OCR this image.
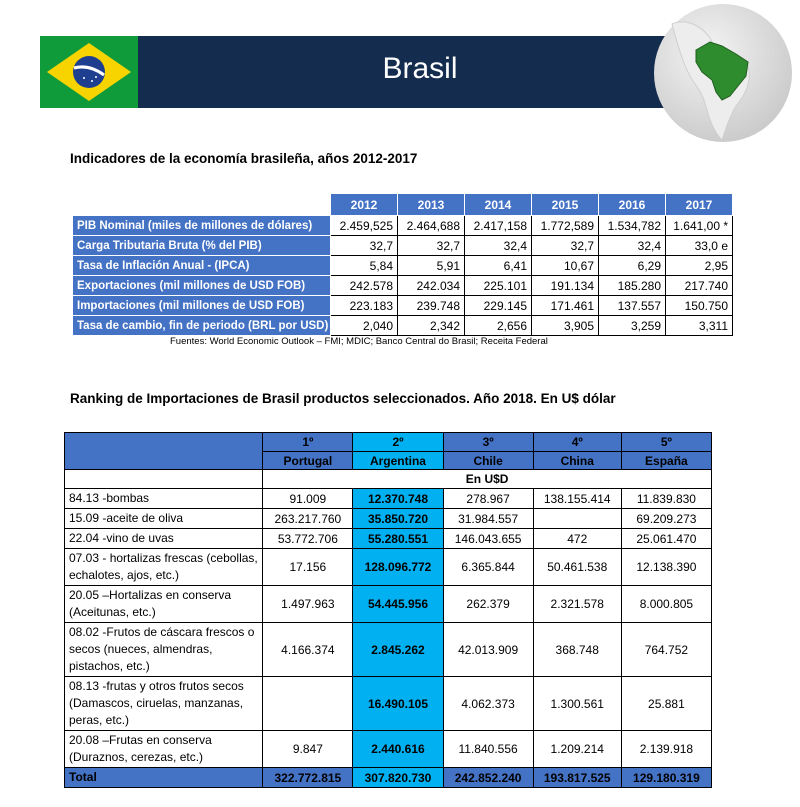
Brasil
Indicadores de la economía brasileña, años 2012-2017
	2012	2013	2014	2015	2016	2017
PIB Nominal (miles de millones de dólares)	2.459,525	2.464,688	2.417,158	1.772,589	1.534,782	1.641,00 *
Carga Tributaria Bruta (% del PIB)	32,7	32,7	32,4	32,7	32,4	33,0 e
Tasa de Inflación Anual - (IPCA)	5,84	5,91	6,41	10,67	6,29	2,95
Exportaciones (mil millones de USD FOB)	242.578	242.034	225.101	191.134	185.280	217.740
Importaciones (mil millones de USD FOB)	223.183	239.748	229.145	171.461	137.557	150.750
Tasa de cambio, fin de periodo (BRL por USD)	2,040	2,342	2,656	3,905	3,259	3,311
Fuentes: World Economic Outlook – FMI; MDIC; Banco Central do Brasil; Receita Federal
Ranking de Importaciones de Brasil productos seleccionados. Año 2018. En U$ dólar
	1º	2º	3º	4º	5º
	Portugal	Argentina	Chile	China	España
	En U$D				
84.13 -bombas	91.009	12.370.748	278.967	138.155.414	11.839.830
15.09 -aceite de oliva	263.217.760	35.850.720	31.984.557		69.209.273
22.04 -vino de uvas	53.772.706	55.280.551	146.043.655	472	25.061.470
07.03 - hortalizas frescas (cebollas, echalotes, ajos, etc.)	17.156	128.096.772	6.365.844	50.461.538	12.138.390
20.05 –Hortalizas en conserva (Aceitunas, etc.)	1.497.963	54.445.956	262.379	2.321.578	8.000.805
08.02 -Frutos de cáscara frescos o secos (nueces, almendras, pistachos, etc.)	4.166.374	2.845.262	42.013.909	368.748	764.752
08.13 -frutas y otros frutos secos (Damascos, ciruelas, manzanas, peras, etc.)		16.490.105	4.062.373	1.300.561	25.881
20.08 –Frutas en conserva (Duraznos, cerezas, etc.)	9.847	2.440.616	11.840.556	1.209.214	2.139.918
Total	322.772.815	307.820.730	242.852.240	193.817.525	129.180.319
